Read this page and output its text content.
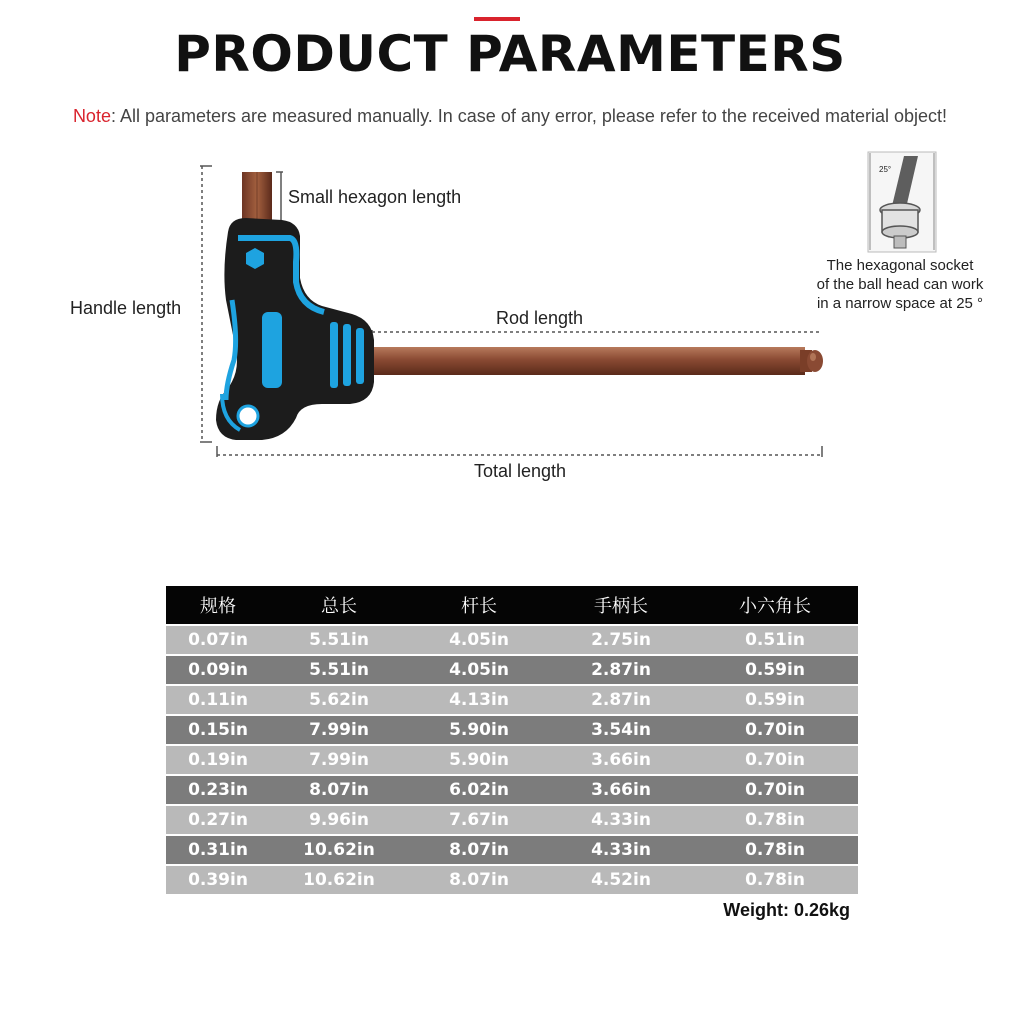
PRODUCT PARAMETERS
Note: All parameters are measured manually. In case of any error, please refer to the received material object!
25°
Small hexagon length
Handle length	Rod length
Total length
The hexagonal socket
of the ball head can work
in a narrow space at 25 °
规格	总长	杆长	手柄长	小六角长
0.07in	5.51in	4.05in	2.75in	0.51in
0.09in	5.51in	4.05in	2.87in	0.59in
0.11in	5.62in	4.13in	2.87in	0.59in
0.15in	7.99in	5.90in	3.54in	0.70in
0.19in	7.99in	5.90in	3.66in	0.70in
0.23in	8.07in	6.02in	3.66in	0.70in
0.27in	9.96in	7.67in	4.33in	0.78in
0.31in	10.62in	8.07in	4.33in	0.78in
0.39in	10.62in	8.07in	4.52in	0.78in
Weight: 0.26kg
